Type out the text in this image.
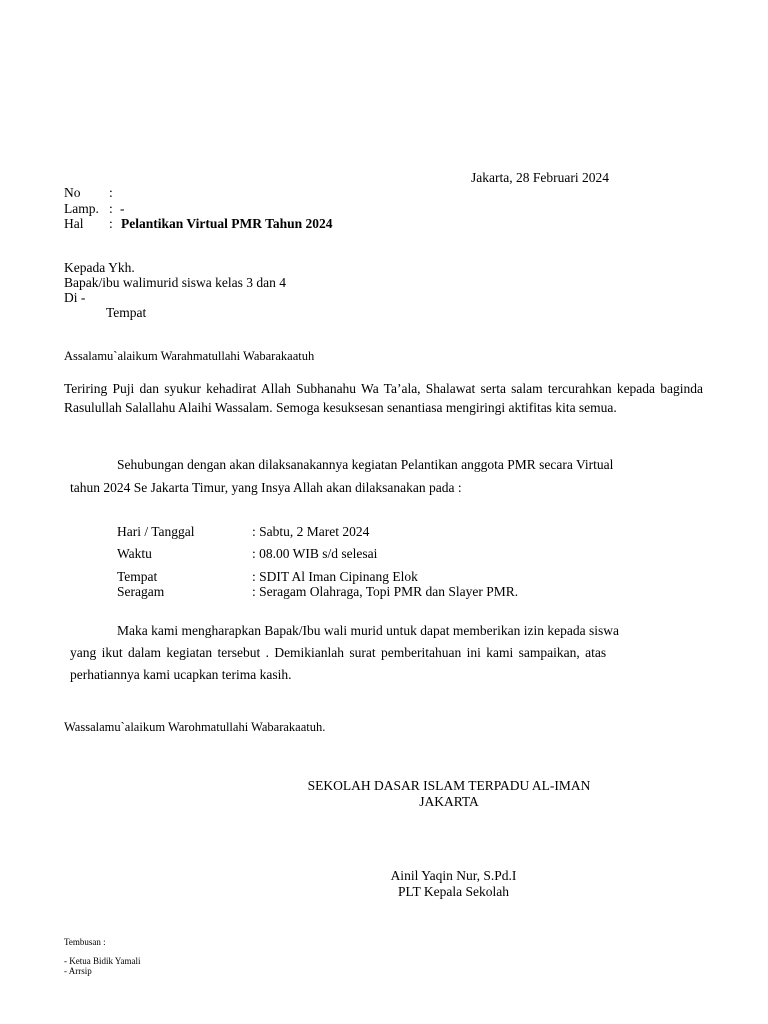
Jakarta, 28 Februari 2024
No :
Lamp. : -
Hal : Pelantikan Virtual PMR Tahun 2024
Kepada Ykh.
Bapak/ibu walimurid siswa kelas 3 dan 4
Di -
Tempat
Assalamu`alaikum Warahmatullahi Wabarakaatuh
Teriring Puji dan syukur kehadirat Allah Subhanahu Wa Ta’ala, Shalawat serta salam tercurahkan kepada baginda Rasulullah Salallahu Alaihi Wassalam. Semoga kesuksesan senantiasa mengiringi aktifitas kita semua.
Sehubungan dengan akan dilaksanakannya kegiatan Pelantikan anggota PMR secara Virtual
tahun 2024 Se Jakarta Timur, yang Insya Allah akan dilaksanakan pada :
Hari / Tanggal	: Sabtu, 2 Maret 2024
Waktu	: 08.00 WIB s/d selesai
Tempat	: SDIT Al Iman Cipinang Elok
Seragam	: Seragam Olahraga, Topi PMR dan Slayer PMR.
Maka kami mengharapkan Bapak/Ibu wali murid untuk dapat memberikan izin kepada siswa
yang ikut dalam kegiatan tersebut . Demikianlah surat pemberitahuan ini kami sampaikan, atas
perhatiannya kami ucapkan terima kasih.
Wassalamu`alaikum Warohmatullahi Wabarakaatuh.
SEKOLAH DASAR ISLAM TERPADU AL-IMAN
JAKARTA
Ainil Yaqin Nur, S.Pd.I
PLT Kepala Sekolah
Tembusan :
- Ketua Bidik Yamali
- Arrsip
